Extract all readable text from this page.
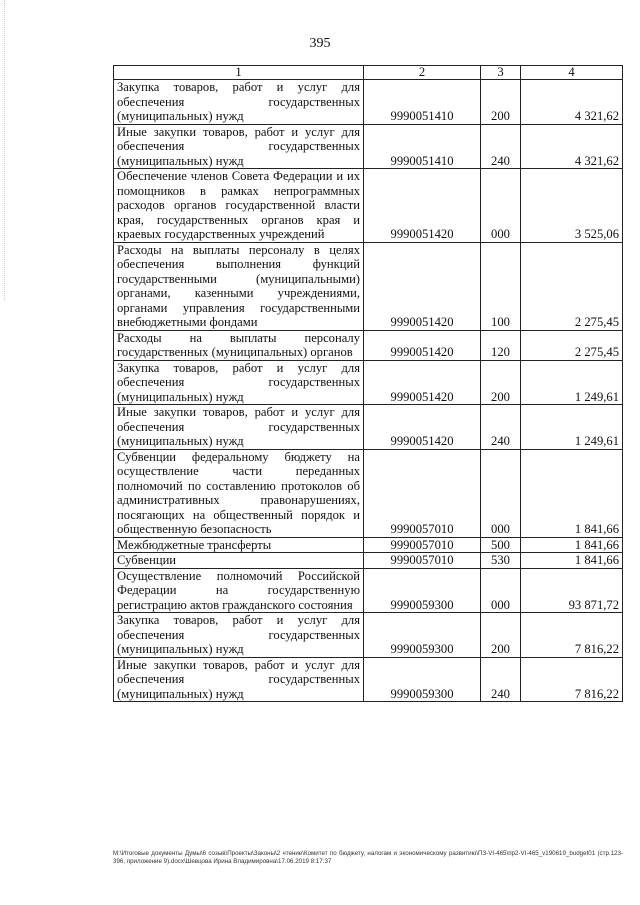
395
1	2	3	4
Закупка товаров, работ и услуг для обеспечения государственных (муниципальных) нужд	9990051410	200	4 321,62
Иные закупки товаров, работ и услуг для обеспечения государственных (муниципальных) нужд	9990051410	240	4 321,62
Обеспечение членов Совета Федерации и их помощников в рамках непрограммных расходов органов государственной власти края, государственных органов края и краевых государственных учреждений	9990051420	000	3 525,06
Расходы на выплаты персоналу в целях обеспечения выполнения функций государственными (муниципальными) органами, казенными учреждениями, органами управления государственными внебюджетными фондами	9990051420	100	2 275,45
Расходы на выплаты персоналу государственных (муниципальных) органов	9990051420	120	2 275,45
Закупка товаров, работ и услуг для обеспечения государственных (муниципальных) нужд	9990051420	200	1 249,61
Иные закупки товаров, работ и услуг для обеспечения государственных (муниципальных) нужд	9990051420	240	1 249,61
Субвенции федеральному бюджету на осуществление части переданных полномочий по составлению протоколов об административных правонарушениях, посягающих на общественный порядок и общественную безопасность	9990057010	000	1 841,66
Межбюджетные трансферты	9990057010	500	1 841,66
Субвенции	9990057010	530	1 841,66
Осуществление полномочий Российской Федерации на государственную регистрацию актов гражданского состояния	9990059300	000	93 871,72
Закупка товаров, работ и услуг для обеспечения государственных (муниципальных) нужд	9990059300	200	7 816,22
Иные закупки товаров, работ и услуг для обеспечения государственных (муниципальных) нужд	9990059300	240	7 816,22
М:\Итоговые документы Думы\6 созыв\Проекты\Законы\2 чтение\Комитет по бюджету, налогам и экономическому развитию\ПЗ-VI-465\пр2-VI-465_v190619_budget01 (стр.123-396, приложение 9).docx\Шевцова Ирина Владимировна\17.06.2019 8:17:37
